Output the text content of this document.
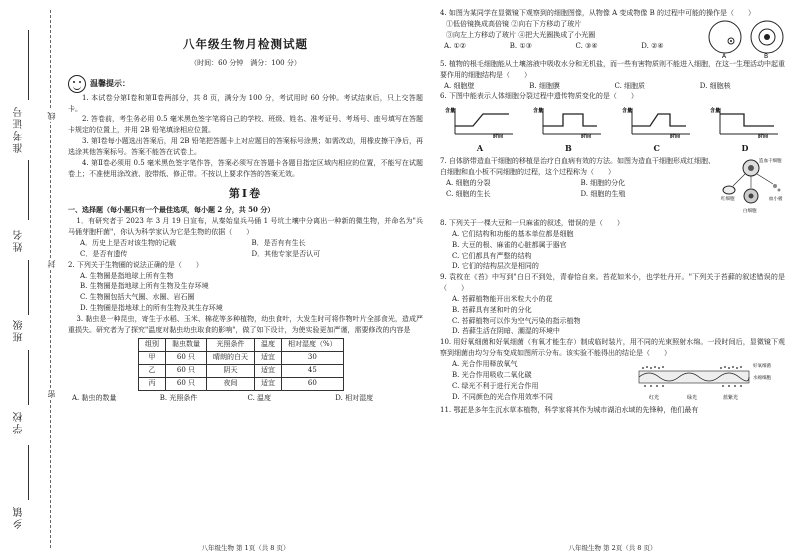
准考证号
姓名
班级
学校
乡镇
线
封
密
八年级生物月检测试题
（时间：60 分钟　满分：100 分）
温馨提示：
1. 本试卷分第Ⅰ卷和第Ⅱ卷两部分，共 8 页，满分为 100 分，考试用时 60 分钟。考试结束后，只上交答题卡。
2. 答卷前，考生务必用 0.5 毫米黑色签字笔将自己的学校、班级、姓名、准考证号、考场号、座号填写在答题卡规定的位置上，并用 2B 铅笔填涂相应位置。
3. 第Ⅰ卷每小题选出答案后，用 2B 铅笔把答题卡上对应题目的答案标号涂黑；如需改动，用橡皮擦干净后，再选涂其他答案标号。答案不能答在试卷上。
4. 第Ⅱ卷必须用 0.5 毫米黑色签字笔作答，答案必须写在答题卡各题目指定区域内相应的位置，不能写在试题卷上；不准使用涂改液、胶带纸、修正带。不按以上要求作答的答案无效。
第Ⅰ卷
一、选择题（每小题只有一个最佳选项，每小题 2 分，共 50 分）
1．有研究者于 2023 年 3 月 19 日宣布，从秦始皇兵马俑 1 号坑土壤中分离出一种新的微生物，并命名为"兵马俑芽胞杆菌"，你认为科学家认为它是生物的依据（　　）
A．历史上是否对该生物的记载	B．是否有有生长
C．是否有遗传	D．其他专家是否认可
2. 下列关于生物圈的说法正确的是（　　）
A. 生物圈是指地球上所有生物
B. 生物圈是指地球上所有生物及生存环境
C. 生物圈包括大气圈、水圈、岩石圈
D. 生物圈是指地球上的所有生物及其生存环境
3. 黏虫是一种昆虫，寄生于水稻、玉米、棉花等多种植物，幼虫食叶，大发生时可将作物叶片全部食光，造成严重损失。研究者为了探究"温度对黏虫幼虫取食的影响"，做了如下设计，为使实验更加严谨，需要修改的内容是
组别	黏虫数量	光照条件	温度	相对湿度（%）
甲	60 只	晴朗的白天	适宜	30
乙	60 只	阴天	适宜	45
丙	60 只	夜间	适宜	60
A. 黏虫的数量	B. 光照条件	C. 温度	D. 相对湿度
八年级生物 第 1页（共 8 页）
4. 如图为某同学在显微镜下观察到的细胞图像，从物像 A 变成物像 B 的过程中可能的操作是（　　）
①低倍镜换成高倍镜 ②向右下方移动了玻片
③向左上方移动了玻片 ④把大光圈换成了小光圈
A. ①②	B. ①③	C. ③④	D. ②④
A	B
5. 植物的根毛细胞能从土壤溶液中吸收水分和无机盐，而一些有害物质则不能进入细胞，在这一生理活动中起重要作用的细胞结构是（　　）
A. 细胞壁	B. 细胞膜	C. 细胞质	D. 细胞核
6. 下图中能表示人体细胞分裂过程中遗传物质变化的是（　　）
含量
时间
A
含量
时间
B
含量
时间
C
含量
时间
D
7. 自体脐带造血干细胞的移植是治疗白血病有效的方法。如图为造血干细胞形成红细胞、白细胞和血小板不同细胞的过程，这个过程称为（　　）
A. 细胞的分裂	B. 细胞的分化
C. 细胞的生长	D. 细胞的生殖
造血干细胞
红细胞
白细胞
血小板
8. 下列关于一棵大豆和一只麻雀的叙述，错误的是（　　）
A. 它们结构和功能的基本单位都是细胞
B. 大豆的根、麻雀的心脏都属于器官
C. 它们都具有严整的结构
D. 它们的结构层次是相同的
9. 袁枚在《苔》中写到"白日不到处，青春恰自来。苔花如米小，也学牡丹开。"下列关于苔藓的叙述错误的是（　　）
A. 苔藓植物能开出米粒大小的花
B. 苔藓具有茎和叶的分化
C. 苔藓植物可以作为空气污染的指示植物
D. 苔藓生活在阴暗、潮湿的环境中
10. 用好氧细菌和好氧细菌（有氧才能生存）制成临时装片，用不同的光束照射水绵。一段时间后，显微镜下观察到细菌由均匀分布变成如图所示分布。该实验不能得出的结论是（　　）
A. 光合作用释放氧气
B. 光合作用吸收二氧化碳
C. 绿光不利于进行光合作用
D. 不同颜色的光合作用效率不同
好氧细菌
水绵细胞
红光	绿光	蓝紫光
11. 鄂茈是多年生沉水草本植物，科学家将其作为城市湖泊水域的先锋种，他们最有
八年级生物 第 2页（共 8 页）
